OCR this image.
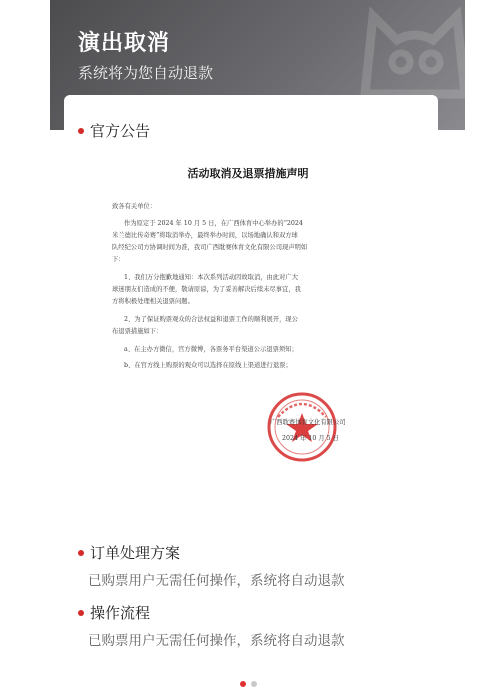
演出取消

系统将为您自动退款

官方公告
活动取消及退票措施声明
致各有关单位：
作为原定于 2024 年 10 月 5 日，在广西体育中心举办的“2024
米兰德比传奇赛”将取消举办，最终举办时间，以场地确认和双方球
队经纪公司方协调时间为准，我司广西耽赛体育文化有限公司现声明如
下：
1、我们万分抱歉地通知：本次系列活动因故取消，由此对广大
球迷朋友们造成的不便，敬请原谅，为了妥善解决后续未尽事宜，我
方将积极处理相关退票问题。
2、为了保证购票观众的合法权益和退票工作的顺利展开，现公
布退票措施如下：
a、在主办方微信，官方微博，各票务平台渠道公示退票须知；
b、在官方线上购票的观众可以选择在原线上渠道进行退票；
广西耽赛体育文化有限公司
2024 年 10 月 5 日
订单处理方案
已购票用户无需任何操作，系统将自动退款
操作流程
已购票用户无需任何操作，系统将自动退款
